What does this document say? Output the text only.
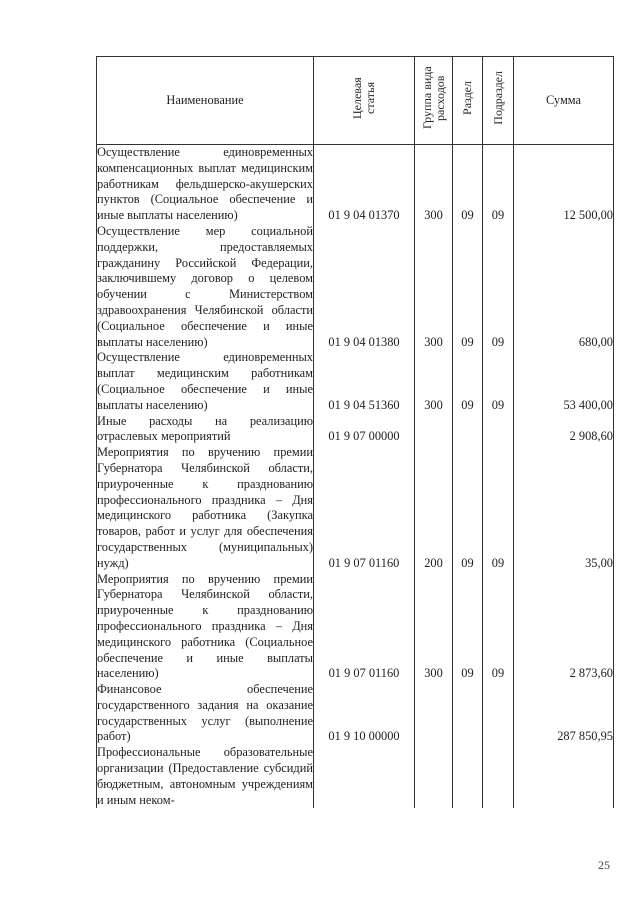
Наименование	Целевая статья	Группа вида расходов	Раздел	Подраздел	Сумма
Осуществление единовременных компенсационных выплат медицинским работникам фельдшерско-акушерских пунктов (Социальное обеспечение и иные выплаты населению)	01 9 04 01370	300	09	09	12 500,00
Осуществление мер социальной поддержки, предоставляемых гражданину Российской Федерации, заключившему договор о целевом обучении с Министерством здравоохранения Челябинской области (Социальное обеспечение и иные выплаты населению)	01 9 04 01380	300	09	09	680,00
Осуществление единовременных выплат медицинским работникам (Социальное обеспечение и иные выплаты населению)	01 9 04 51360	300	09	09	53 400,00
Иные расходы на реализацию отраслевых мероприятий	01 9 07 00000				2 908,60
Мероприятия по вручению премии Губернатора Челябинской области, приуроченные к празднованию профессионального праздника – Дня медицинского работника (Закупка товаров, работ и услуг для обеспечения государственных (муниципальных) нужд)	01 9 07 01160	200	09	09	35,00
Мероприятия по вручению премии Губернатора Челябинской области, приуроченные к празднованию профессионального праздника – Дня медицинского работника (Социальное обеспечение и иные выплаты населению)	01 9 07 01160	300	09	09	2 873,60
Финансовое обеспечение государственного задания на оказание государственных услуг (выполнение работ)	01 9 10 00000				287 850,95
Профессиональные образовательные организации (Предоставление субсидий бюджетным, автономным учреждениям и иным неком-					
25
